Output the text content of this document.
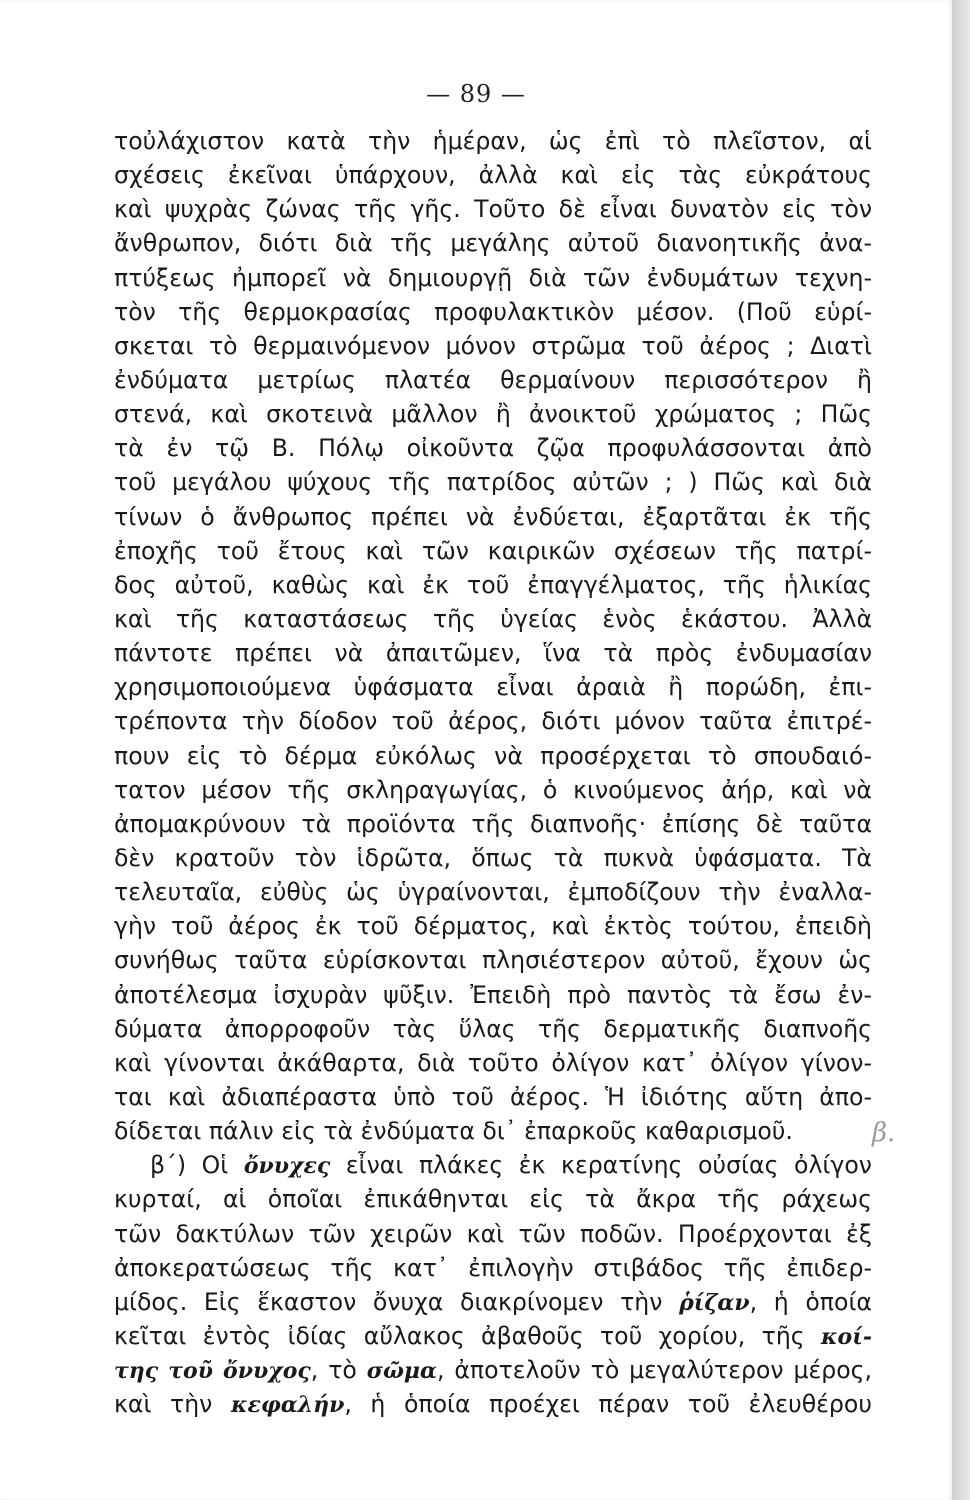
— 89 —
τοὐλάχιστον κατὰ τὴν ἡμέραν, ὡς ἐπὶ τὸ πλεῖστον, αἱ
σχέσεις ἐκεῖναι ὑπάρχουν, ἀλλὰ καὶ εἰς τὰς εὐκράτους
καὶ ψυχρὰς ζώνας τῆς γῆς. Τοῦτο δὲ εἶναι δυνατὸν εἰς τὸν
ἄνθρωπον, διότι διὰ τῆς μεγάλης αὐτοῦ διανοητικῆς ἀνα-
πτύξεως ἠμπορεῖ νὰ δημιουργῇ διὰ τῶν ἐνδυμάτων τεχνη-
τὸν τῆς θερμοκρασίας προφυλακτικὸν μέσον. (Ποῦ εὑρί-
σκεται τὸ θερμαινόμενον μόνον στρῶμα τοῦ ἀέρος ; Διατὶ
ἐνδύματα μετρίως πλατέα θερμαίνουν περισσότερον ἢ
στενά, καὶ σκοτεινὰ μᾶλλον ἢ ἀνοικτοῦ χρώματος ; Πῶς
τὰ ἐν τῷ Β. Πόλῳ οἰκοῦντα ζῷα προφυλάσσονται ἀπὸ
τοῦ μεγάλου ψύχους τῆς πατρίδος αὐτῶν ; ) Πῶς καὶ διὰ
τίνων ὁ ἄνθρωπος πρέπει νὰ ἐνδύεται, ἐξαρτᾶται ἐκ τῆς
ἐποχῆς τοῦ ἔτους καὶ τῶν καιρικῶν σχέσεων τῆς πατρί-
δος αὐτοῦ, καθὼς καὶ ἐκ τοῦ ἐπαγγέλματος, τῆς ἡλικίας
καὶ τῆς καταστάσεως τῆς ὑγείας ἑνὸς ἑκάστου. Ἀλλὰ
πάντοτε πρέπει νὰ ἀπαιτῶμεν, ἵνα τὰ πρὸς ἐνδυμασίαν
χρησιμοποιούμενα ὑφάσματα εἶναι ἀραιὰ ἢ πορώδη, ἐπι-
τρέποντα τὴν δίοδον τοῦ ἀέρος, διότι μόνον ταῦτα ἐπιτρέ-
πουν εἰς τὸ δέρμα εὐκόλως νὰ προσέρχεται τὸ σπουδαιό-
τατον μέσον τῆς σκληραγωγίας, ὁ κινούμενος ἀήρ, καὶ νὰ
ἀπομακρύνουν τὰ προϊόντα τῆς διαπνοῆς· ἐπίσης δὲ ταῦτα
δὲν κρατοῦν τὸν ἱδρῶτα, ὅπως τὰ πυκνὰ ὑφάσματα. Τὰ
τελευταῖα, εὐθὺς ὡς ὑγραίνονται, ἐμποδίζουν τὴν ἐναλλα-
γὴν τοῦ ἀέρος ἐκ τοῦ δέρματος, καὶ ἐκτὸς τούτου, ἐπειδὴ
συνήθως ταῦτα εὑρίσκονται πλησιέστερον αὐτοῦ, ἔχουν ὡς
ἀποτέλεσμα ἰσχυρὰν ψῦξιν. Ἐπειδὴ πρὸ παντὸς τὰ ἔσω ἐν-
δύματα ἀπορροφοῦν τὰς ὕλας τῆς δερματικῆς διαπνοῆς
καὶ γίνονται ἀκάθαρτα, διὰ τοῦτο ὀλίγον κατ᾽ ὀλίγον γίνον-
ται καὶ ἀδιαπέραστα ὑπὸ τοῦ ἀέρος. Ἡ ἰδιότης αὕτη ἀπο-
δίδεται πάλιν εἰς τὰ ἐνδύματα δι᾽ ἐπαρκοῦς καθαρισμοῦ.
β΄) Οἱ ὄνυχες εἶναι πλάκες ἐκ κερατίνης οὐσίας ὀλίγον
κυρταί, αἱ ὁποῖαι ἐπικάθηνται εἰς τὰ ἄκρα τῆς ράχεως
τῶν δακτύλων τῶν χειρῶν καὶ τῶν ποδῶν. Προέρχονται ἐξ
ἀποκερατώσεως τῆς κατ᾽ ἐπιλογὴν στιβάδος τῆς ἐπιδερ-
μίδος. Εἰς ἕκαστον ὄνυχα διακρίνομεν τὴν ῥίζαν, ἡ ὁποία
κεῖται ἐντὸς ἰδίας αὔλακος ἀβαθοῦς τοῦ χορίου, τῆς κοί-
της τοῦ ὄνυχος, τὸ σῶμα, ἀποτελοῦν τὸ μεγαλύτερον μέρος,
καὶ τὴν κεφαλήν, ἡ ὁποία προέχει πέραν τοῦ ἐλευθέρου
β.
